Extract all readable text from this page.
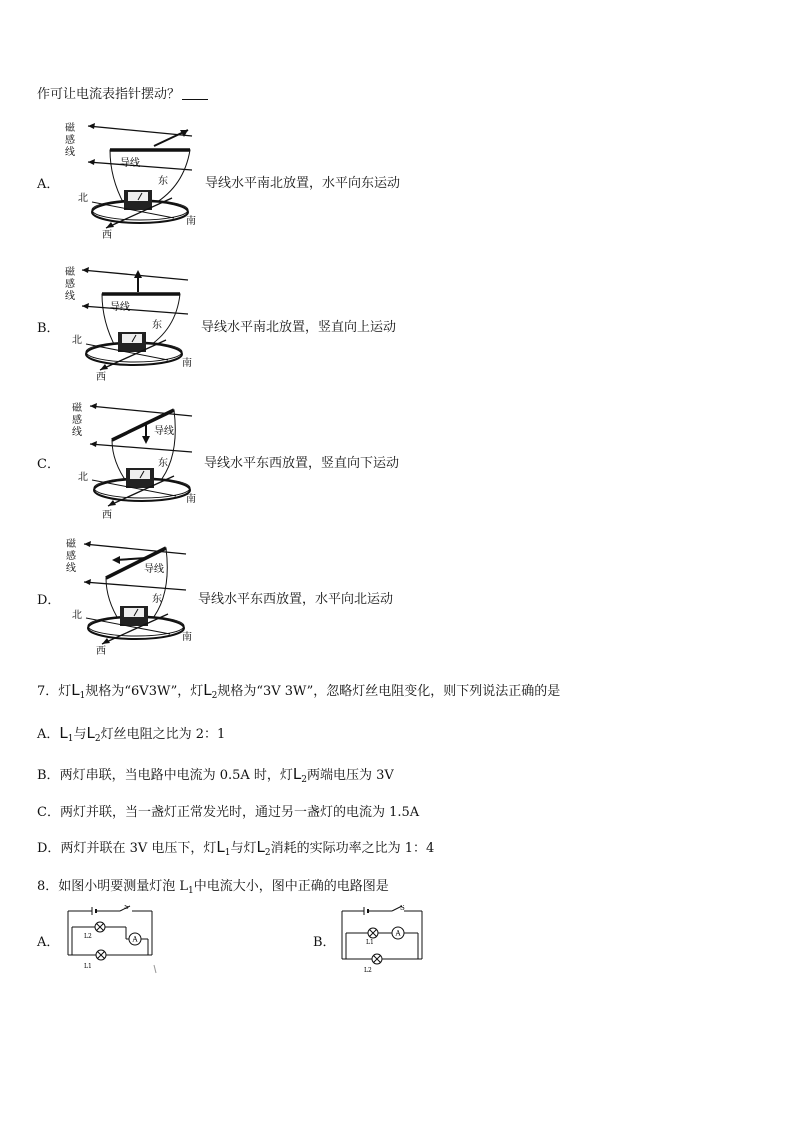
作可让电流表指针摆动？
A．
磁
感
线
导线
东
北
南
西
导线水平南北放置，水平向东运动
B．
磁
感
线
导线
东
北
南
西
导线水平南北放置，竖直向上运动
C．
磁
感
线	导线
东
北
南
西
导线水平东西放置，竖直向下运动
D．
磁
感
线	导线
东
北
南
西
导线水平东西放置，水平向北运动
7．灯$L_1$规格为“6V3W”，灯$L_2$规格为“3V 3W”，忽略灯丝电阻变化，则下列说法正确的是
A．$L_1$与$L_2$灯丝电阻之比为 2：1
B．两灯串联，当电路中电流为 0.5A 时，灯$L_2$两端电压为 3V
C．两灯并联，当一盏灯正常发光时，通过另一盏灯的电流为 1.5A
D．两灯并联在 3V 电压下，灯$L_1$与灯$L_2$消耗的实际功率之比为 1：4
8．如图小明要测量灯泡 $L_1$中电流大小，图中正确的电路图是
A．
S
L2	A
L1
B．
S
L1
A
L2
